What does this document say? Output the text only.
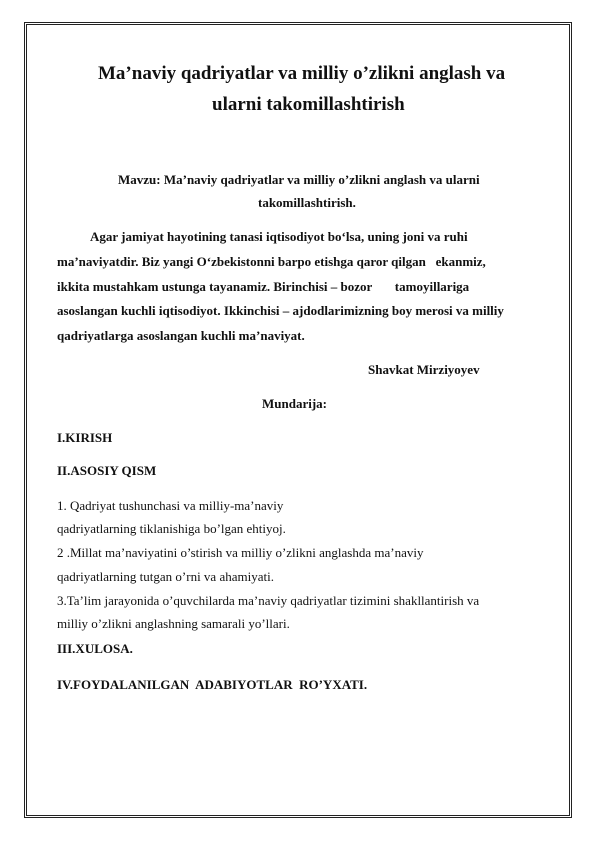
Ma’naviy qadriyatlar va milliy o’zlikni anglash va
ularni takomillashtirish
Mavzu: Ma’naviy qadriyatlar va milliy o’zlikni anglash va ularni
takomillashtirish.
Agar jamiyat hayotining tanasi iqtisodiyot bo‘lsa, uning joni va ruhi
ma’naviyatdir. Biz yangi O‘zbekistonni barpo etishga qaror qilgan   ekanmiz,
ikkita mustahkam ustunga tayanamiz. Birinchisi – bozor       tamoyillariga
asoslangan kuchli iqtisodiyot. Ikkinchisi – ajdodlarimizning boy merosi va milliy
qadriyatlarga asoslangan kuchli ma’naviyat.
Shavkat Mirziyoyev
Mundarija:
I.KIRISH
II.ASOSIY QISM
1. Qadriyat tushunchasi va milliy-ma’naviy
qadriyatlarning tiklanishiga bo’lgan ehtiyoj.
2 .Millat ma’naviyatini o’stirish va milliy o’zlikni anglashda ma’naviy
qadriyatlarning tutgan o’rni va ahamiyati.
3.Ta’lim jarayonida o’quvchilarda ma’naviy qadriyatlar tizimini shakllantirish va
milliy o’zlikni anglashning samarali yo’llari.
III.XULOSA.
IV.FOYDALANILGAN  ADABIYOTLAR  RO’YXATI.
